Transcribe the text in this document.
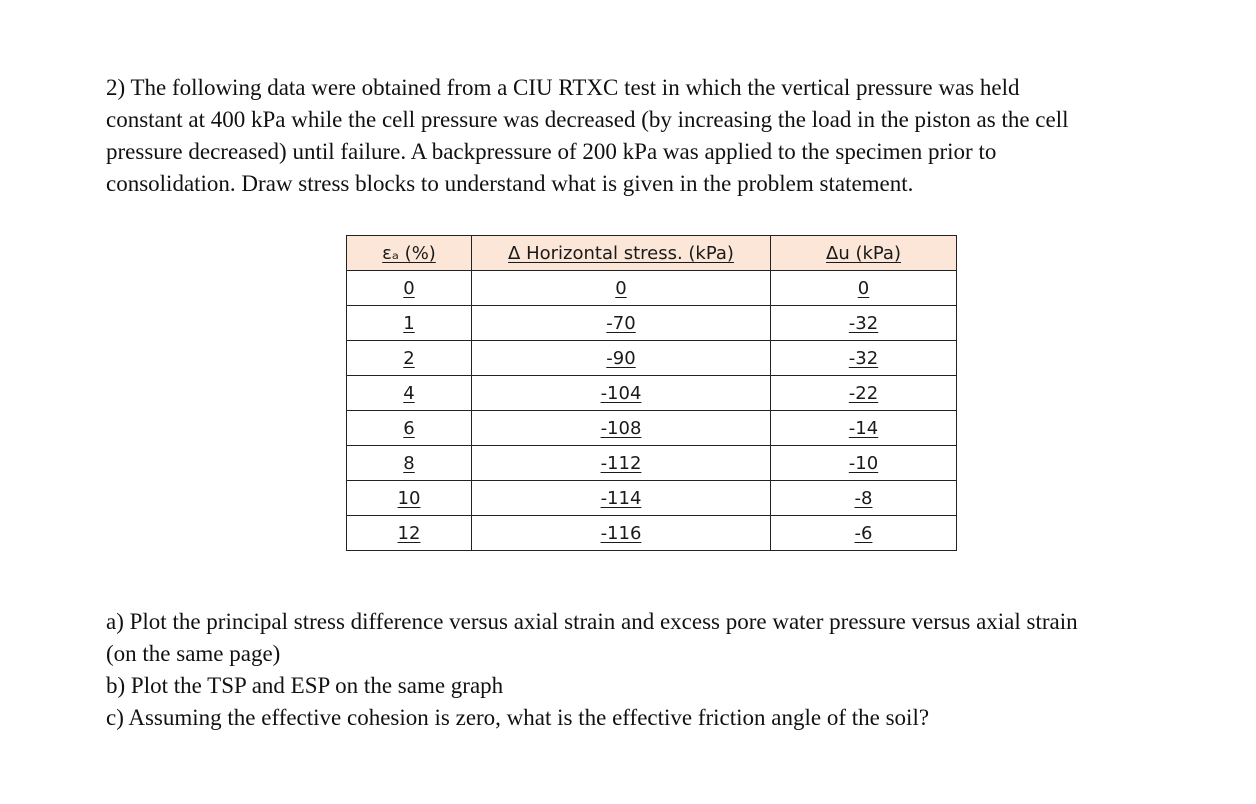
2) The following data were obtained from a CIU RTXC test in which the vertical pressure was held

constant at 400 kPa while the cell pressure was decreased (by increasing the load in the piston as the cell

pressure decreased) until failure. A backpressure of 200 kPa was applied to the specimen prior to

consolidation. Draw stress blocks to understand what is given in the problem statement.

εₐ (%)	Δ Horizontal stress. (kPa)	Δu (kPa)
0	0	0
1	-70	-32
2	-90	-32
4	-104	-22
6	-108	-14
8	-112	-10
10	-114	-8
12	-116	-6

a) Plot the principal stress difference versus axial strain and excess pore water pressure versus axial strain

(on the same page)

b) Plot the TSP and ESP on the same graph

c) Assuming the effective cohesion is zero, what is the effective friction angle of the soil?
